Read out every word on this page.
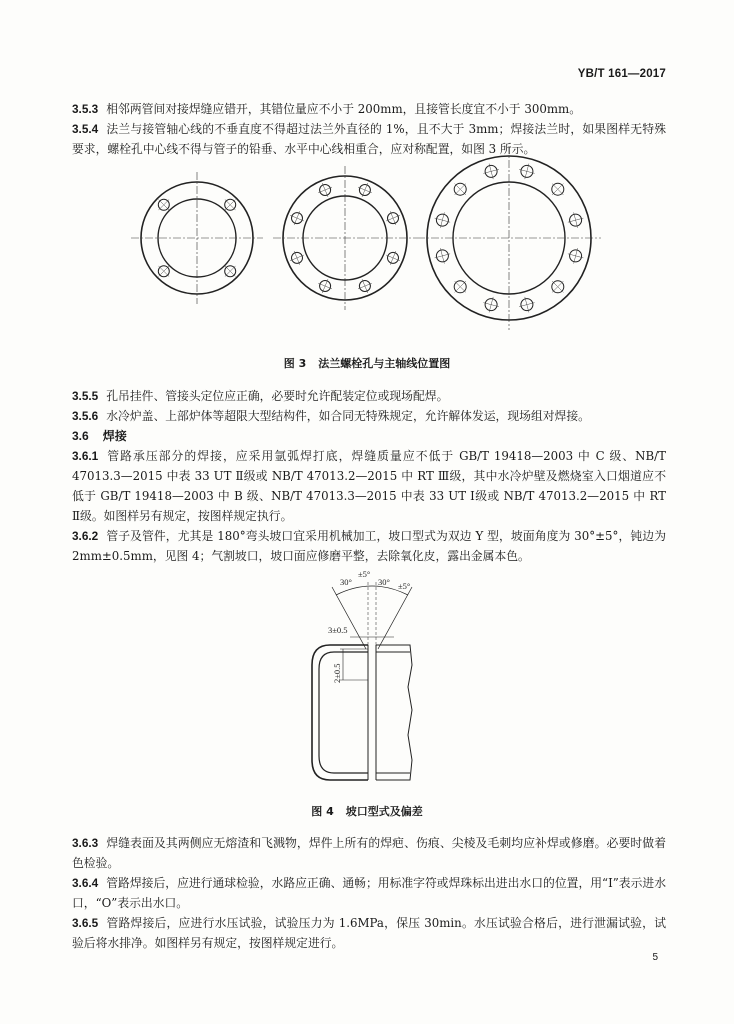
YB/T 161—2017

3.5.3 相邻两管间对接焊缝应错开，其错位量应不小于 200mm，且接管长度宜不小于 300mm。

3.5.4 法兰与接管轴心线的不垂直度不得超过法兰外直径的 1%，且不大于 3mm；焊接法兰时，如果图样无特殊要求，螺栓孔中心线不得与管子的铅垂、水平中心线相重合，应对称配置，如图 3 所示。

图 3 法兰螺栓孔与主轴线位置图

3.5.5 孔吊挂件、管接头定位应正确，必要时允许配装定位或现场配焊。

3.5.6 水冷炉盖、上部炉体等超限大型结构件，如合同无特殊规定，允许解体发运，现场组对焊接。

3.6 焊接

3.6.1 管路承压部分的焊接，应采用氩弧焊打底，焊缝质量应不低于 GB/T 19418—2003 中 C 级、NB/T 47013.3—2015 中表 33 UT Ⅱ级或 NB/T 47013.2—2015 中 RT Ⅲ级，其中水冷炉壁及燃烧室入口烟道应不低于 GB/T 19418—2003 中 B 级、NB/T 47013.3—2015 中表 33 UT Ⅰ级或 NB/T 47013.2—2015 中 RT Ⅱ级。如图样另有规定，按图样规定执行。

3.6.2 管子及管件，尤其是 180°弯头坡口宜采用机械加工，坡口型式为双边 Y 型，坡面角度为 30°±5°，钝边为 2mm±0.5mm，见图 4；气割坡口，坡口面应修磨平整，去除氧化皮，露出金属本色。

30°
±5°
30° ±5°
3±0.5
2±0.5
图 4 坡口型式及偏差

3.6.3 焊缝表面及其两侧应无熔渣和飞溅物，焊件上所有的焊疤、伤痕、尖棱及毛刺均应补焊或修磨。必要时做着色检验。

3.6.4 管路焊接后，应进行通球检验，水路应正确、通畅；用标准字符或焊珠标出进出水口的位置，用“I”表示进水口，“O”表示出水口。

3.6.5 管路焊接后，应进行水压试验，试验压力为 1.6MPa，保压 30min。水压试验合格后，进行泄漏试验，试验后将水排净。如图样另有规定，按图样规定进行。

5
